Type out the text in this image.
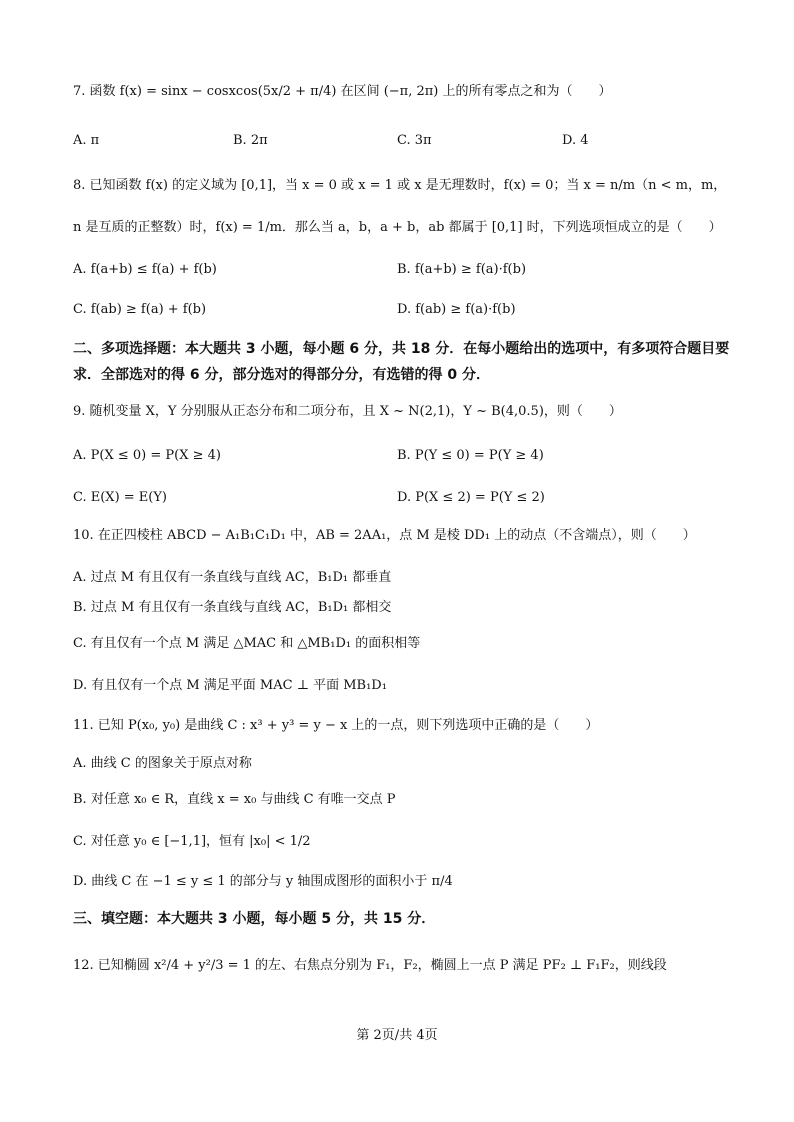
7. 函数 f(x) = sinx − cosxcos(5x/2 + π/4) 在区间 (−π, 2π) 上的所有零点之和为（　　）
A. π	B. 2π	C. 3π	D. 4
8. 已知函数 f(x) 的定义域为 [0,1]，当 x = 0 或 x = 1 或 x 是无理数时，f(x) = 0；当 x = n/m（n < m，m，
n 是互质的正整数）时，f(x) = 1/m．那么当 a，b，a + b，ab 都属于 [0,1] 时，下列选项恒成立的是（　　）
A. f(a+b) ≤ f(a) + f(b)	B. f(a+b) ≥ f(a)·f(b)
C. f(ab) ≥ f(a) + f(b)	D. f(ab) ≥ f(a)·f(b)
二、多项选择题：本大题共 3 小题，每小题 6 分，共 18 分．在每小题给出的选项中，有多项符合题目要求．全部选对的得 6 分，部分选对的得部分分，有选错的得 0 分．
9. 随机变量 X，Y 分别服从正态分布和二项分布，且 X ~ N(2,1)，Y ~ B(4,0.5)，则（　　）
A. P(X ≤ 0) = P(X ≥ 4)	B. P(Y ≤ 0) = P(Y ≥ 4)
C. E(X) = E(Y)	D. P(X ≤ 2) = P(Y ≤ 2)
10. 在正四棱柱 ABCD − A₁B₁C₁D₁ 中，AB = 2AA₁，点 M 是棱 DD₁ 上的动点（不含端点），则（　　）
A. 过点 M 有且仅有一条直线与直线 AC，B₁D₁ 都垂直
B. 过点 M 有且仅有一条直线与直线 AC，B₁D₁ 都相交
C. 有且仅有一个点 M 满足 △MAC 和 △MB₁D₁ 的面积相等
D. 有且仅有一个点 M 满足平面 MAC ⊥ 平面 MB₁D₁
11. 已知 P(x₀, y₀) 是曲线 C : x³ + y³ = y − x 上的一点，则下列选项中正确的是（　　）
A. 曲线 C 的图象关于原点对称
B. 对任意 x₀ ∈ R，直线 x = x₀ 与曲线 C 有唯一交点 P
C. 对任意 y₀ ∈ [−1,1]，恒有 |x₀| < 1/2
D. 曲线 C 在 −1 ≤ y ≤ 1 的部分与 y 轴围成图形的面积小于 π/4
三、填空题：本大题共 3 小题，每小题 5 分，共 15 分．
12. 已知椭圆 x²/4 + y²/3 = 1 的左、右焦点分别为 F₁，F₂，椭圆上一点 P 满足 PF₂ ⊥ F₁F₂，则线段
第 2页/共 4页
